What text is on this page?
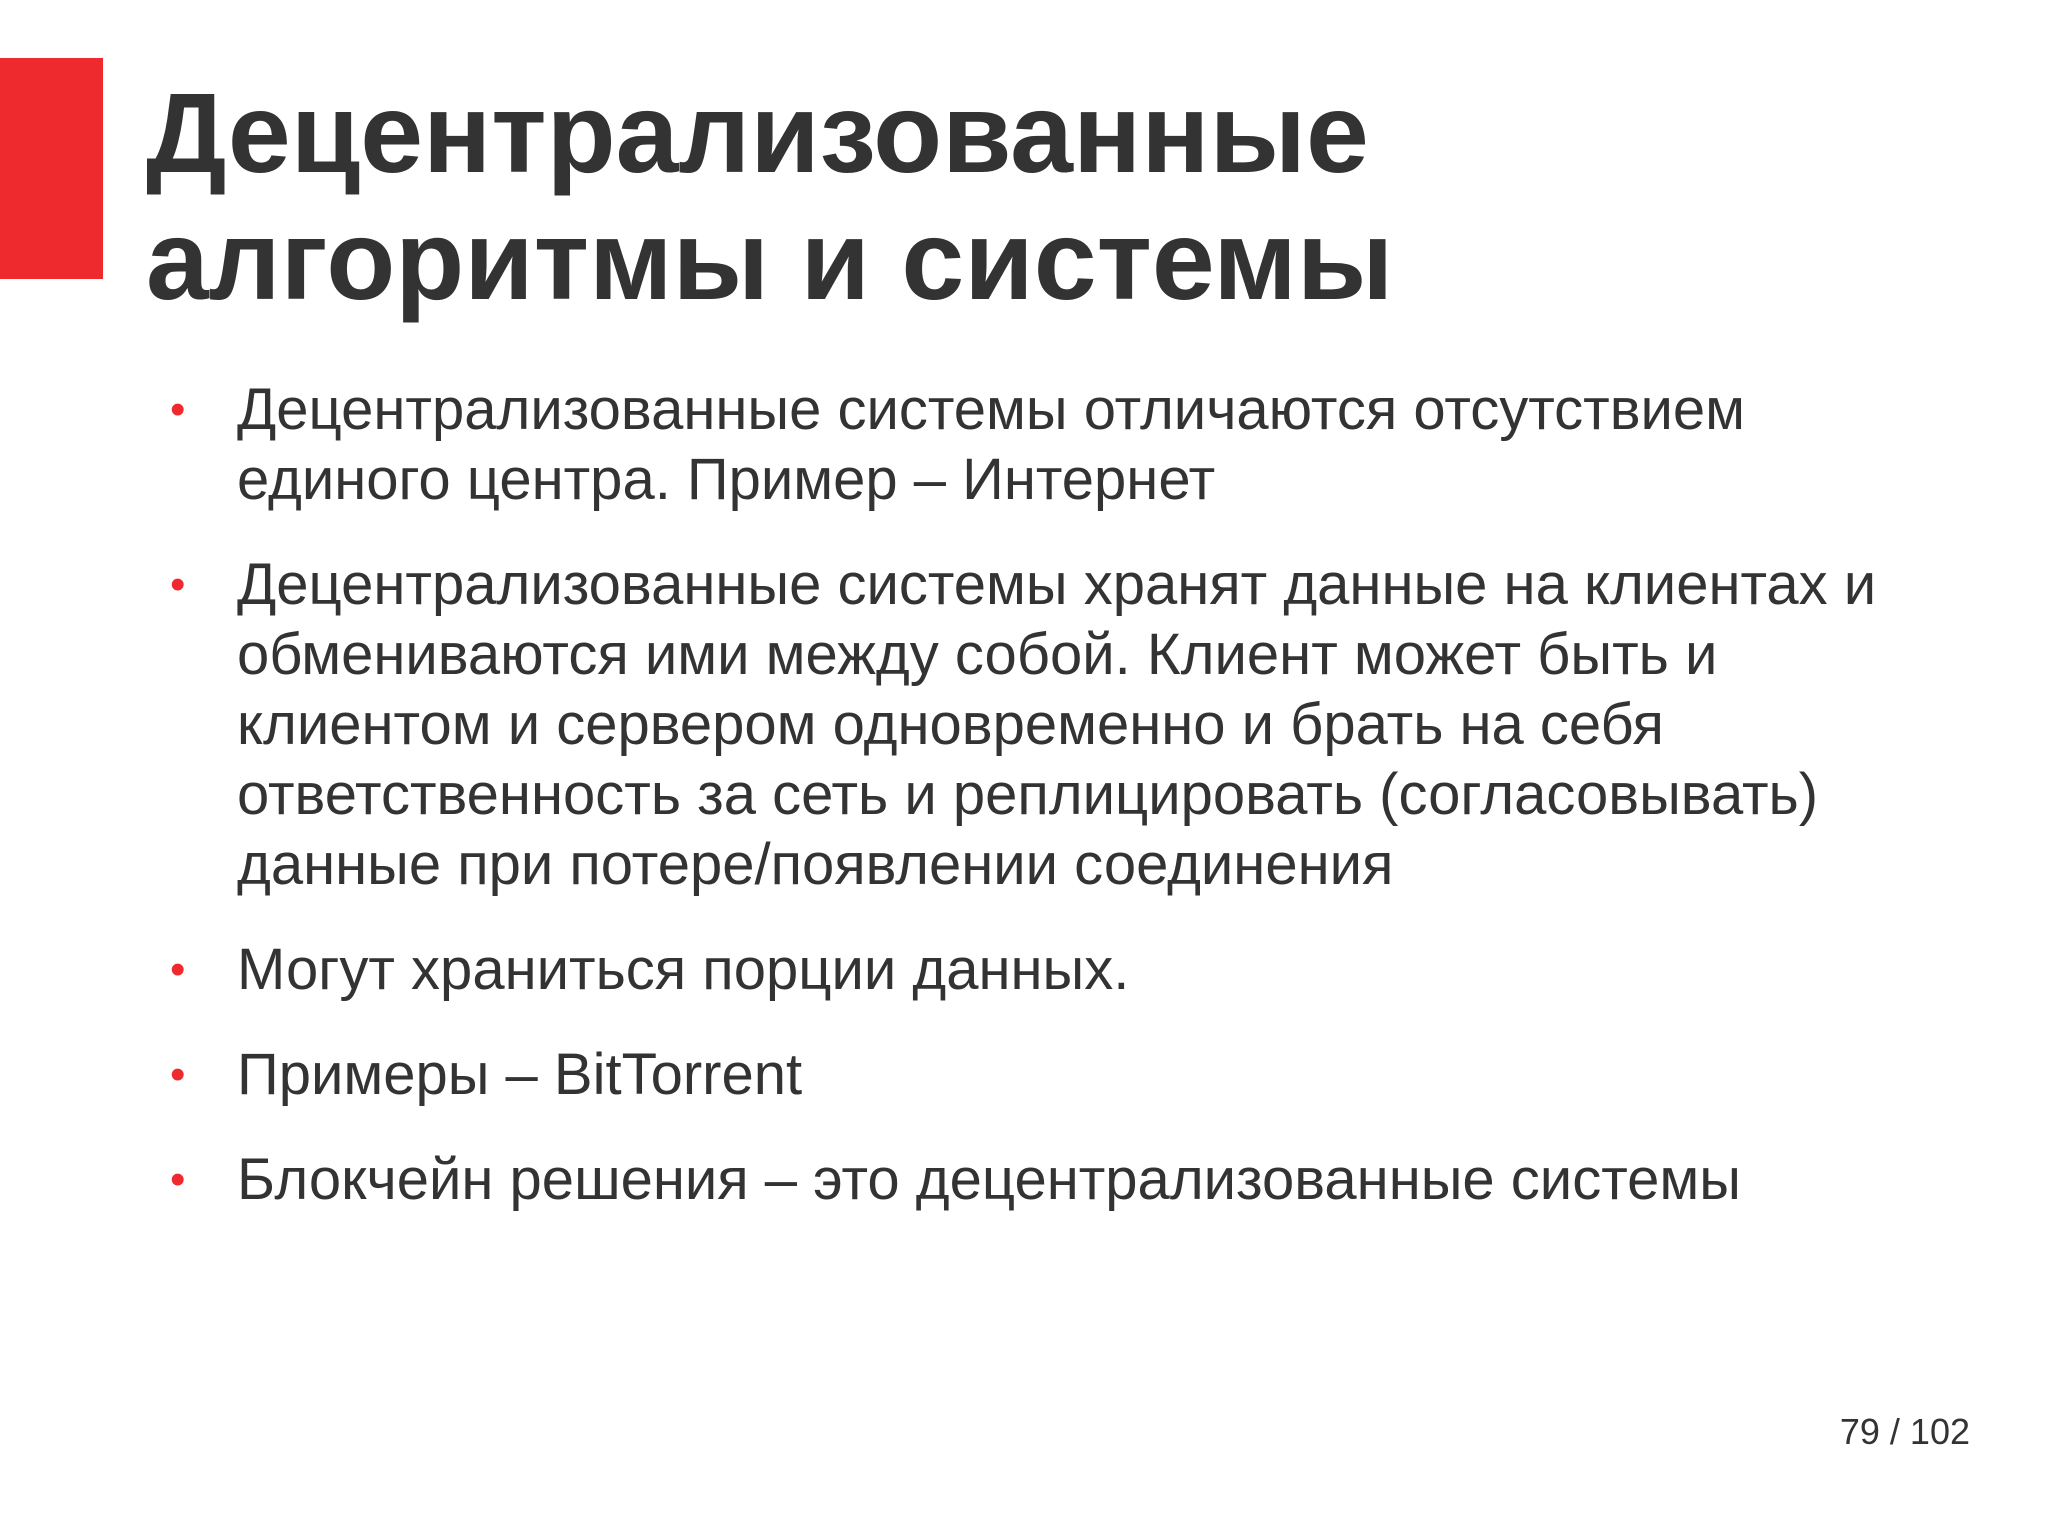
Децентрализованные
алгоритмы и системы
• Децентрализованные системы отличаются отсутствием единого центра. Пример – Интернет
• Децентрализованные системы хранят данные на клиентах и обмениваются ими между собой. Клиент может быть и клиентом и сервером одновременно и брать на себя ответственность за сеть и реплицировать (согласовывать) данные при потере/появлении соединения
• Могут храниться порции данных.
• Примеры – BitTorrent
• Блокчейн решения – это децентрализованные системы
79 / 102
